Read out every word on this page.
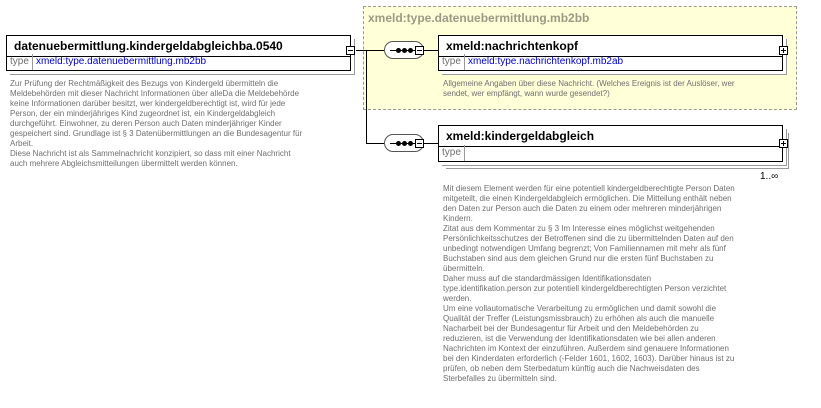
xmeld:type.datenuebermittlung.mb2bb
datenuebermittlung.kindergeldabgleichba.0540
type xmeld:type.datenuebermittlung.mb2bb
Zur Prüfung der Rechtmäßigkeit des Bezugs von Kindergeld übermitteln die
Meldebehörden mit dieser Nachricht Informationen über alleDa die Meldebehörde
keine Informationen darüber besitzt, wer kindergeldberechtigt ist, wird für jede
Person, der ein minderjähriges Kind zugeordnet ist, ein Kindergeldabgleich
durchgeführt. Einwohner, zu deren Person auch Daten minderjähriger Kinder
gespeichert sind. Grundlage ist § 3 Datenübermittlungen an die Bundesagentur für
Arbeit.
Diese Nachricht ist als Sammelnachricht konzipiert, so dass mit einer Nachricht
auch mehrere Abgleichsmitteilungen übermittelt werden können.
xmeld:nachrichtenkopf
type xmeld:type.nachrichtenkopf.mb2ab
Allgemeine Angaben über diese Nachricht. (Welches Ereignis ist der Auslöser, wer
sendet, wer empfängt, wann wurde gesendet?)
xmeld:kindergeldabgleich
type
1..∞
Mit diesem Element werden für eine potentiell kindergeldberechtigte Person Daten
mitgeteilt, die einen Kindergeldabgleich ermöglichen. Die Mitteilung enthält neben
den Daten zur Person auch die Daten zu einem oder mehreren minderjährigen
Kindern.
Zitat aus dem Kommentar zu § 3 Im Interesse eines möglichst weitgehenden
Persönlichkeitsschutzes der Betroffenen sind die zu übermittelnden Daten auf den
unbedingt notwendigen Umfang begrenzt; Von Familiennamen mit mehr als fünf
Buchstaben sind aus dem gleichen Grund nur die ersten fünf Buchstaben zu
übermitteln.
Daher muss auf die standardmässigen Identifikationsdaten
type.identifikation.person zur potentiell kindergeldberechtigten Person verzichtet
werden.
Um eine vollautomatische Verarbeitung zu ermöglichen und damit sowohl die
Qualität der Treffer (Leistungsmissbrauch) zu erhöhen als auch die manuelle
Nacharbeit bei der Bundesagentur für Arbeit und den Meldebehörden zu
reduzieren, ist die Verwendung der Identifikationsdaten wie bei allen anderen
Nachrichten im Kontext der einzuführen. Außerdem sind genauere Informationen
bei den Kinderdaten erforderlich (-Felder 1601, 1602, 1603). Darüber hinaus ist zu
prüfen, ob neben dem Sterbedatum künftig auch die Nachweisdaten des
Sterbefalles zu übermitteln sind.
